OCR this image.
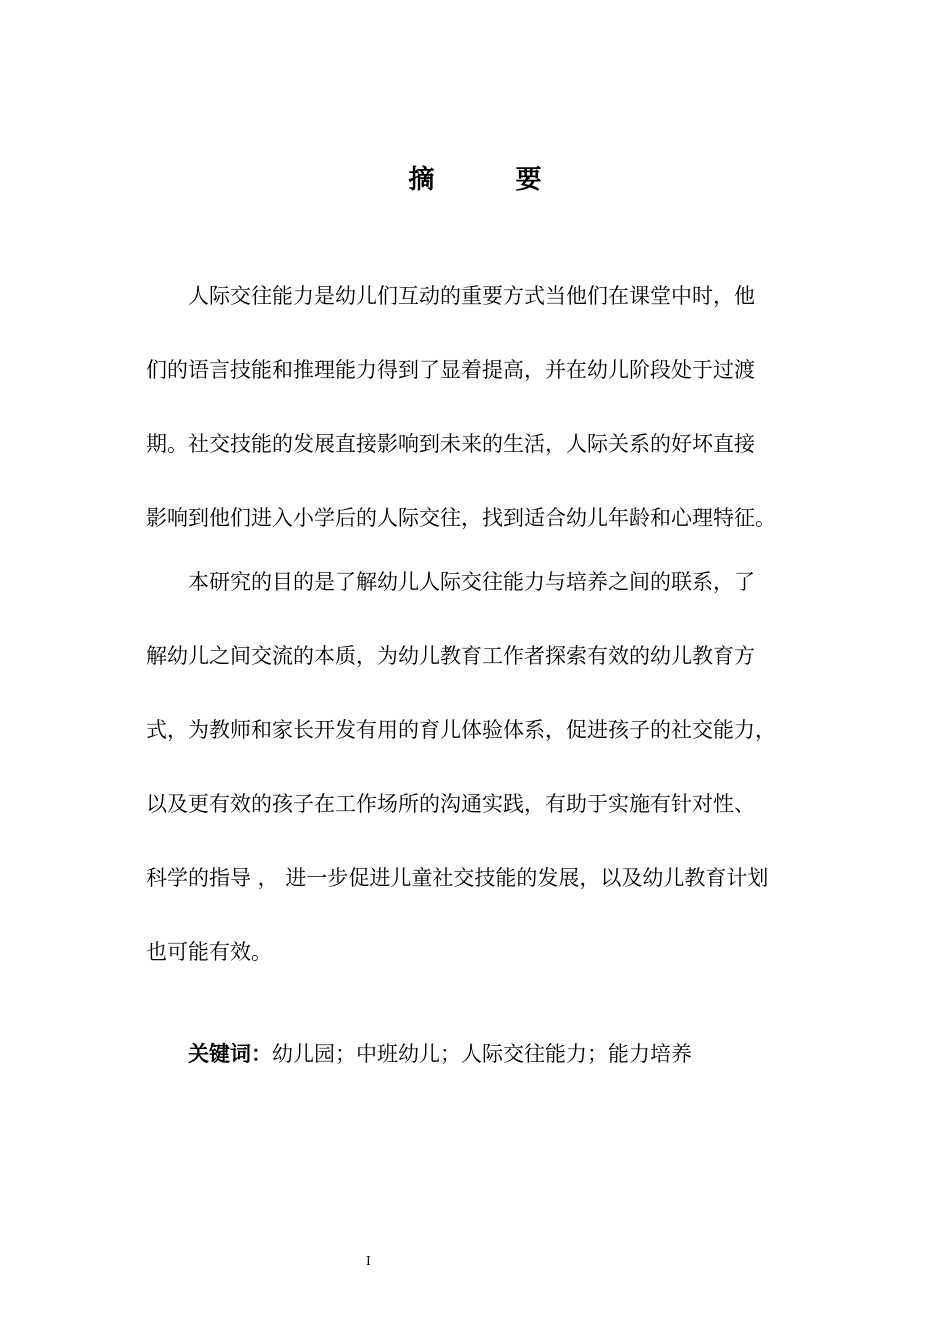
摘 要

人际交往能力是幼儿们互动的重要方式当他们在课堂中时，他

们的语言技能和推理能力得到了显着提高，并在幼儿阶段处于过渡

期。社交技能的发展直接影响到未来的生活，人际关系的好坏直接

影响到他们进入小学后的人际交往，找到适合幼儿年龄和心理特征。

本研究的目的是了解幼儿人际交往能力与培养之间的联系，了

解幼儿之间交流的本质，为幼儿教育工作者探索有效的幼儿教育方

式，为教师和家长开发有用的育儿体验体系，促进孩子的社交能力，

以及更有效的孩子在工作场所的沟通实践，有助于实施有针对性、

科学的指导 ， 进一步促进儿童社交技能的发展，以及幼儿教育计划

也可能有效。

关键词：幼儿园；中班幼儿；人际交往能力；能力培养
I
